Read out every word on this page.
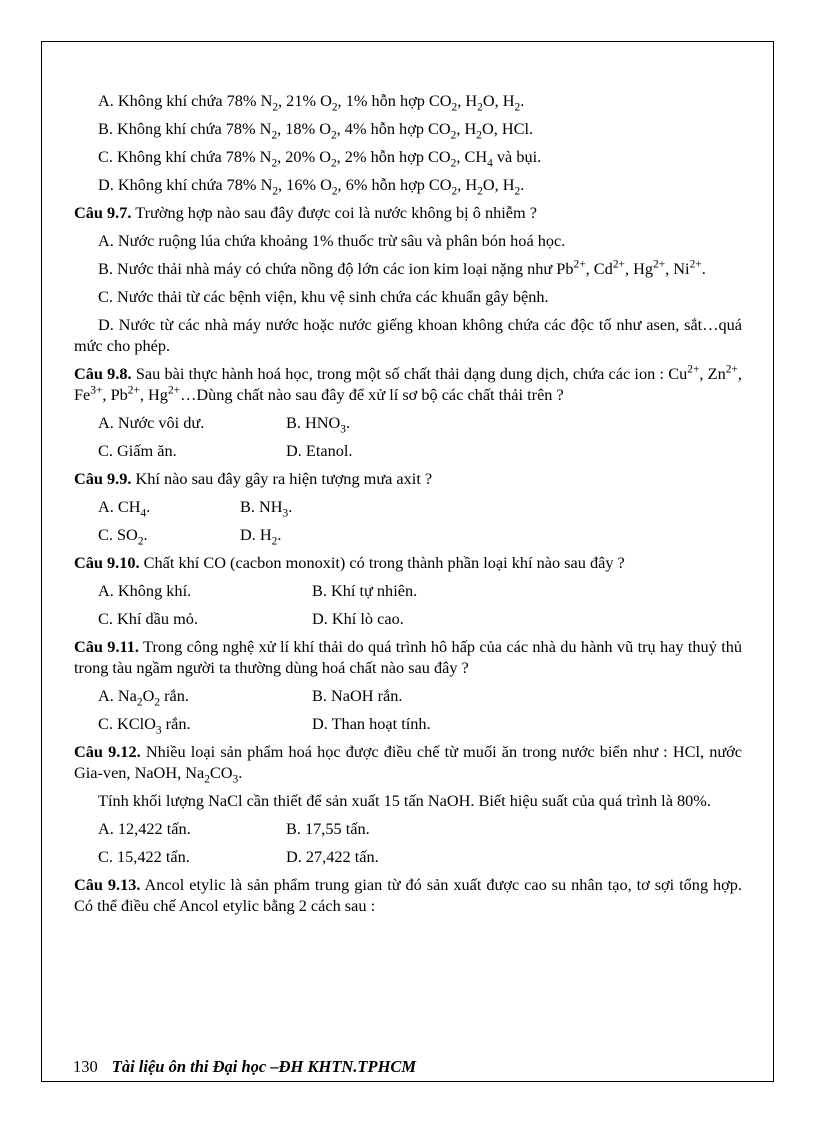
A. Không khí chứa 78% $N_2$, 21% $O_2$, 1% hỗn hợp $CO_2$, $H_2O$, $H_2$.
B. Không khí chứa 78% $N_2$, 18% $O_2$, 4% hỗn hợp $CO_2$, $H_2O$, HCl.
C. Không khí chứa 78% $N_2$, 20% $O_2$, 2% hỗn hợp $CO_2$, $CH_4$ và bụi.
D. Không khí chứa 78% $N_2$, 16% $O_2$, 6% hỗn hợp $CO_2$, $H_2O$, $H_2$.
Câu 9.7. Trường hợp nào sau đây được coi là nước không bị ô nhiễm ?
A. Nước ruộng lúa chứa khoảng 1% thuốc trừ sâu và phân bón hoá học.
B. Nước thải nhà máy có chứa nồng độ lớn các ion kim loại nặng như $Pb^{2+}$, $Cd^{2+}$, $Hg^{2+}$, $Ni^{2+}$.
C. Nước thải từ các bệnh viện, khu vệ sinh chứa các khuẩn gây bệnh.
D. Nước từ các nhà máy nước hoặc nước giếng khoan không chứa các độc tố như asen, sắt…quá mức cho phép.
Câu 9.8. Sau bài thực hành hoá học, trong một số chất thải dạng dung dịch, chứa các ion : $Cu^{2+}$, $Zn^{2+}$, $Fe^{3+}$, $Pb^{2+}$, $Hg^{2+}\dots Dùng$ chất nào sau đây để xử lí sơ bộ các chất thải trên ?
A. Nước vôi dư.	B. $HNO_3$.
C. Giấm ăn.	D. Etanol.
Câu 9.9. Khí nào sau đây gây ra hiện tượng mưa axit ?
A. $CH_4$.	B. $NH_3$.
C. $SO_2$.	D. $H_2$.
Câu 9.10. Chất khí CO (cacbon monoxit) có trong thành phần loại khí nào sau đây ?
A. Không khí.	B. Khí tự nhiên.
C. Khí dầu mỏ.	D. Khí lò cao.
Câu 9.11. Trong công nghệ xử lí khí thải do quá trình hô hấp của các nhà du hành vũ trụ hay thuỷ thủ trong tàu ngầm người ta thường dùng hoá chất nào sau đây ?
A. $Na_2O_2$ rắn.	B. NaOH rắn.
C. KClO$_3$ rắn.	D. Than hoạt tính.
Câu 9.12. Nhiều loại sản phẩm hoá học được điều chế từ muối ăn trong nước biển như : HCl, nước Gia-ven, NaOH, $Na_2CO_3$.
Tính khối lượng NaCl cần thiết để sản xuất 15 tấn NaOH. Biết hiệu suất của quá trình là 80%.
A. 12,422 tấn.	B. 17,55 tấn.
C. 15,422 tấn.	D. 27,422 tấn.
Câu 9.13. Ancol etylic là sản phẩm trung gian từ đó sản xuất được cao su nhân tạo, tơ sợi tổng hợp. Có thể điều chế Ancol etylic bằng 2 cách sau :
130 Tài liệu ôn thi Đại học –ĐH KHTN.TPHCM
